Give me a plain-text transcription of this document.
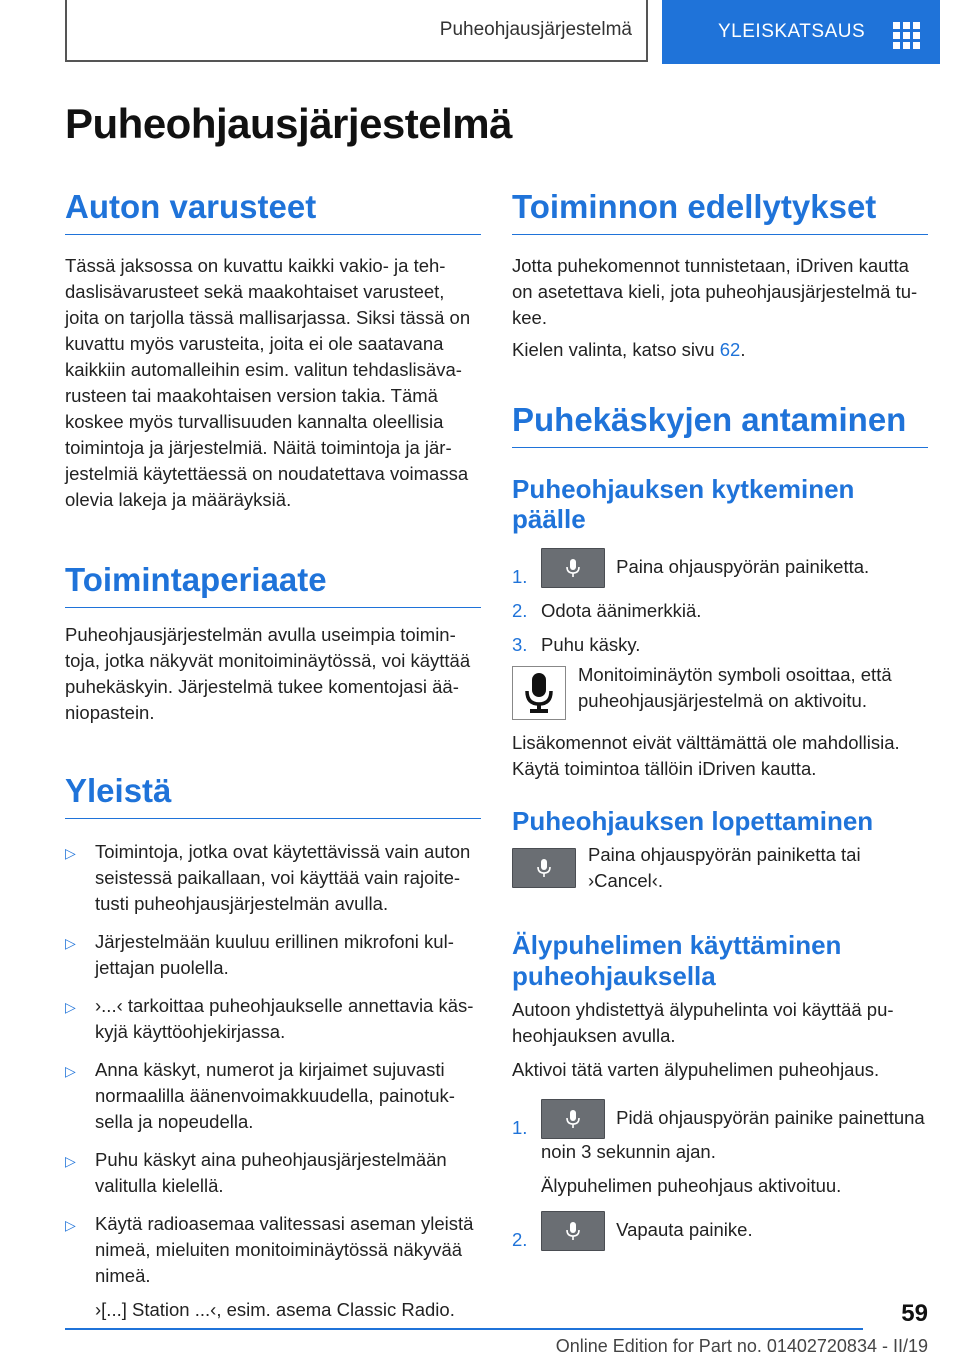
Puheohjausjärjestelmä	YLEISKATSAUS
Puheohjausjärjestelmä
Auton varusteet

Tässä jaksossa on kuvattu kaikki vakio- ja tehdaslisävarusteet sekä maakohtaiset varusteet, joita on tarjolla tässä mallisarjassa. Siksi tässä on kuvattu myös varusteita, joita ei ole saatavana kaikkiin automalleihin esim. valitun tehdaslisävarusteen tai maakohtaisen version takia. Tämä koskee myös turvallisuuden kannalta oleellisia toimintoja ja järjestelmiä. Näitä toimintoja ja järjestelmiä käytettäessä on noudatettava voimassa olevia lakeja ja määräyksiä.

Toimintaperiaate

Puheohjausjärjestelmän avulla useimpia toimintoja, jotka näkyvät monitoiminäytössä, voi käyttää puhekäskyin. Järjestelmä tukee komentojasi ääniopastein.

Yleistä
▷ Toimintoja, jotka ovat käytettävissä vain auton seistessä paikallaan, voi käyttää vain rajoitetusti puheohjausjärjestelmän avulla.
▷ Järjestelmään kuuluu erillinen mikrofoni kuljettajan puolella.
▷ ›...‹ tarkoittaa puheohjaukselle annettavia käskyjä käyttöohjekirjassa.
▷ Anna käskyt, numerot ja kirjaimet sujuvasti normaalilla äänenvoimakkuudella, painotuksella ja nopeudella.
▷ Puhu käskyt aina puheohjausjärjestelmään valitulla kielellä.
▷ Käytä radioasemaa valitessasi aseman yleistä nimeä, mieluiten monitoiminäytössä näkyvää nimeä.
›[...] Station ...‹, esim. asema Classic Radio.
Toiminnon edellytykset

Jotta puhekomennot tunnistetaan, iDriven kautta on asetettava kieli, jota puheohjausjärjestelmä tukee.

Kielen valinta, katso sivu 62.

Puhekäskyjen antaminen
Puheohjauksen kytkeminen päälle
1.	Paina ohjauspyörän painiketta.
2. Odota äänimerkkiä.
3. Puhu käsky.

Monitoiminäytön symboli osoittaa, että puheohjausjärjestelmä on aktivoitu.

Lisäkomennot eivät välttämättä ole mahdollisia. Käytä toimintoa tällöin iDriven kautta.

Puheohjauksen lopettaminen

Paina ohjauspyörän painiketta tai ›Cancel‹.

Älypuhelimen käyttäminen puheohjauksella

Autoon yhdistettyä älypuhelinta voi käyttää puheohjauksen avulla.

Aktivoi tätä varten älypuhelimen puheohjaus.

1.	Pidä ohjauspyörän painike painettuna noin 3 sekunnin ajan.
Älypuhelimen puheohjaus aktivoituu.
2.	Vapauta painike.
59
Online Edition for Part no. 01402720834 - II/19
